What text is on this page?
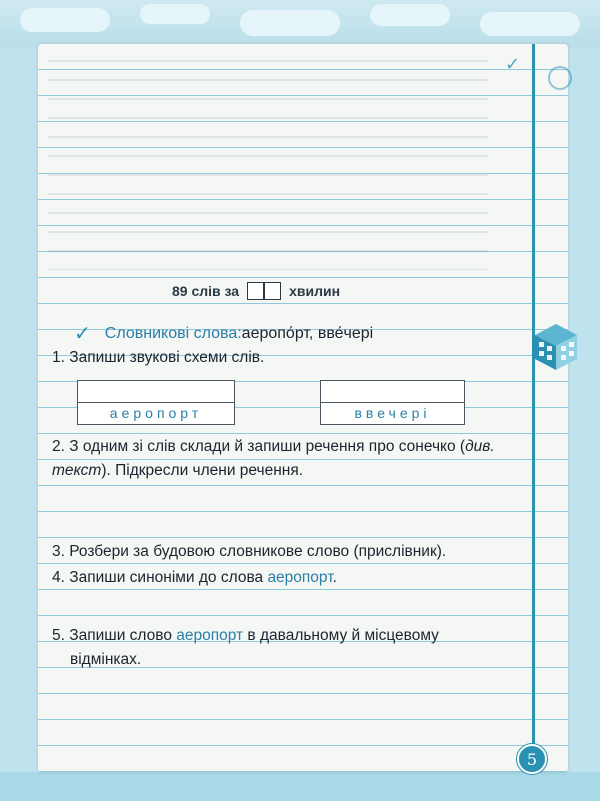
✓
89 слів за	хвилин
✓ Словникові слова: аеропо́рт, вве́чері
1. Запиши звукові схеми слів.
аеропорт	ввечері
2. З одним зі слів склади й запиши речення про сонечко (див. текст). Підкресли члени речення.
3. Розбери за будовою словникове слово (прислівник).
4. Запиши синоніми до слова аеропорт.
5. Запиши слово аеропорт в давальному й місцевому
відмінках.
5
